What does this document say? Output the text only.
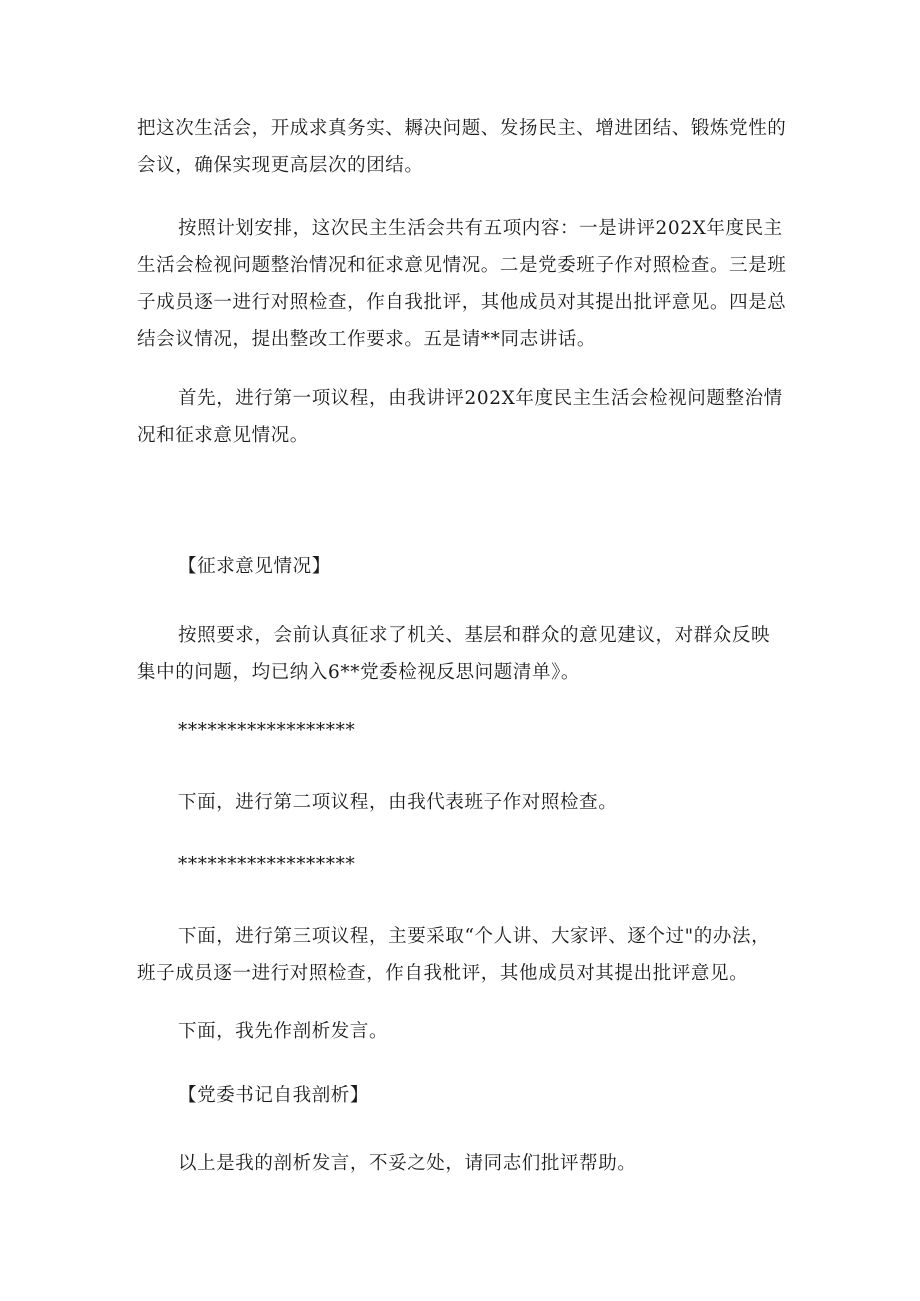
把这次生活会，开成求真务实、耨决问题、发扬民主、增进团结、锻炼党性的会议，确保实现更高层次的团结。

按照计划安排，这次民主生活会共有五项内容：一是讲评202X年度民主生活会检视问题整治情况和征求意见情况。二是党委班子作对照检查。三是班子成员逐一进行对照检查，作自我批评，其他成员对其提出批评意见。四是总结会议情况，提出整改工作要求。五是请**同志讲话。

首先，进行第一项议程，由我讲评202X年度民主生活会检视问题整治情况和征求意见情况。

【征求意见情况】

按照要求，会前认真征求了机关、基层和群众的意见建议，对群众反映集中的问题，均已纳入6**党委检视反思问题清单》。

******************

下面，进行第二项议程，由我代表班子作对照检查。

******************

下面，进行第三项议程，主要采取“个人讲、大家评、逐个过"的办法，班子成员逐一进行对照检查，作自我枇评，其他成员对其提出批评意见。

下面，我先作剖析发言。

【党委书记自我剖析】

以上是我的剖析发言，不妥之处，请同志们批评帮助。
